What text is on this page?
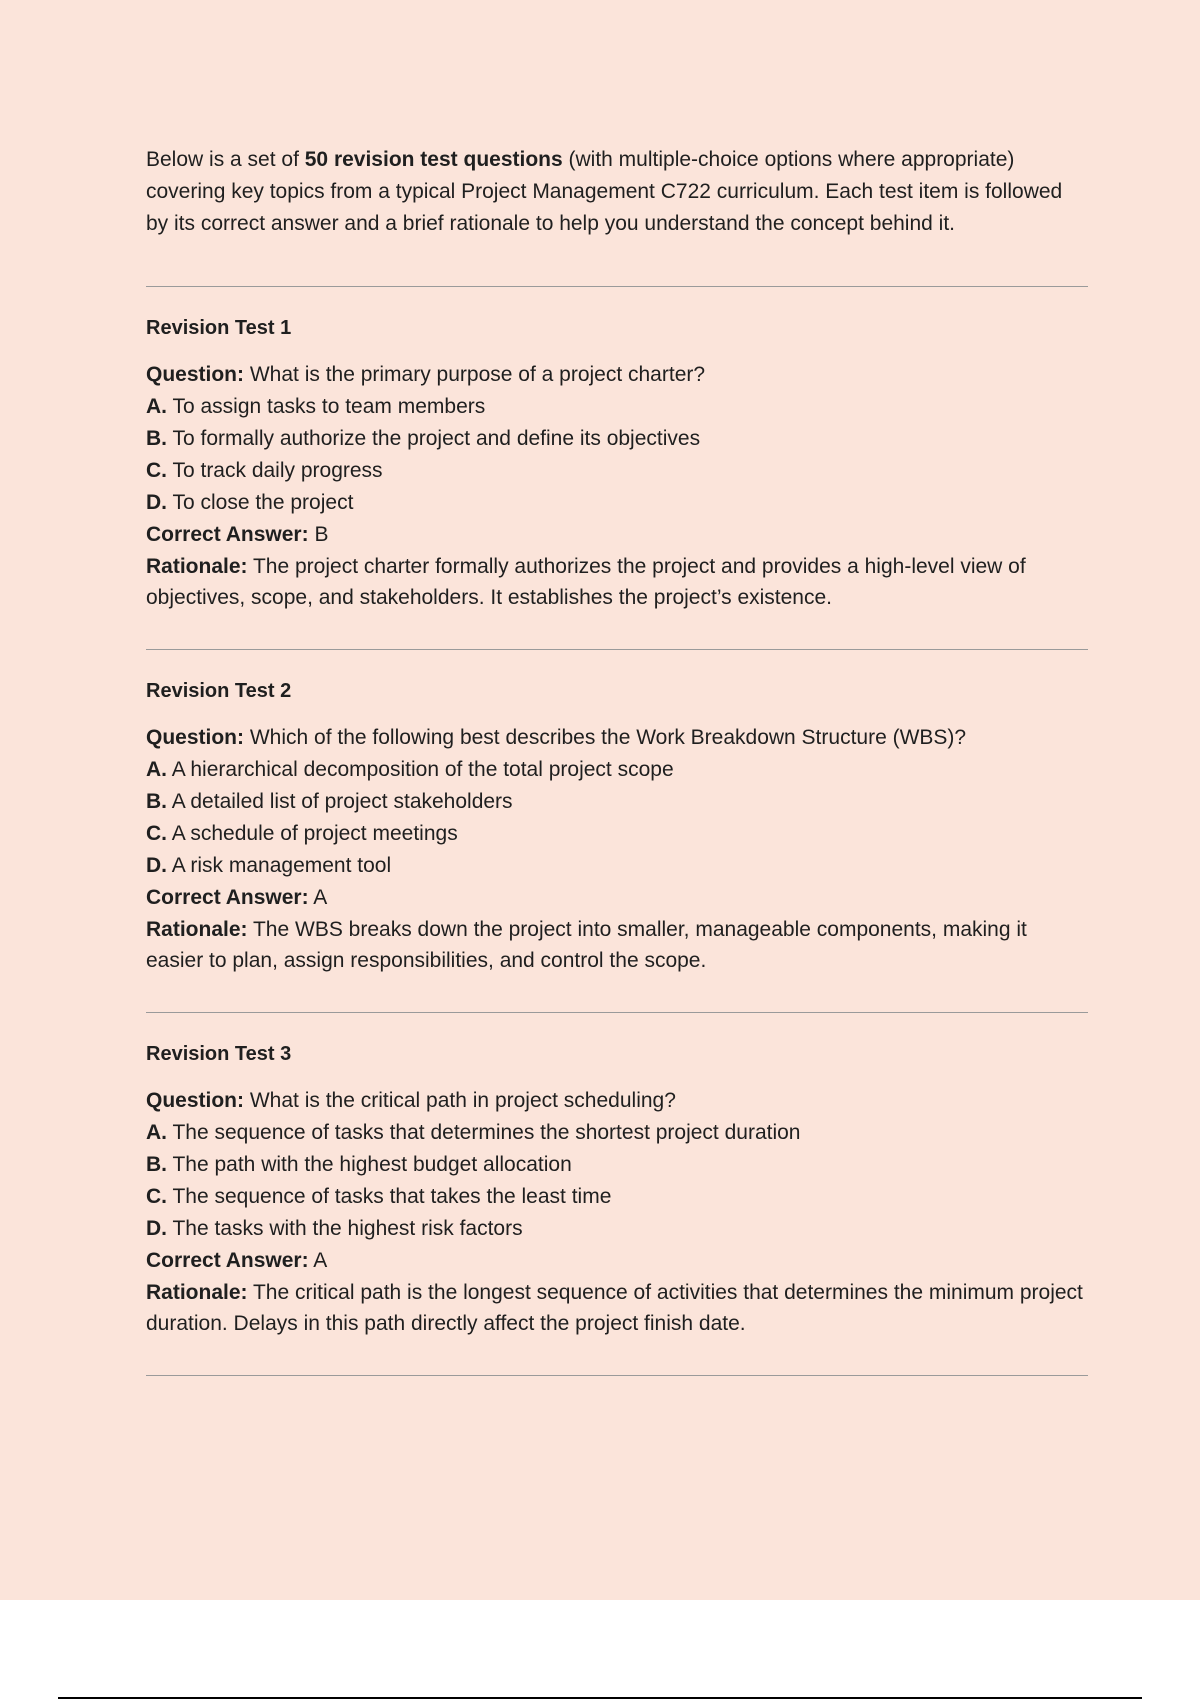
Below is a set of 50 revision test questions (with multiple-choice options where appropriate) covering key topics from a typical Project Management C722 curriculum. Each test item is followed by its correct answer and a brief rationale to help you understand the concept behind it.

Revision Test 1

Question: What is the primary purpose of a project charter?

A. To assign tasks to team members

B. To formally authorize the project and define its objectives

C. To track daily progress

D. To close the project

Correct Answer: B

Rationale: The project charter formally authorizes the project and provides a high-level view of objectives, scope, and stakeholders. It establishes the project’s existence.

Revision Test 2

Question: Which of the following best describes the Work Breakdown Structure (WBS)?

A. A hierarchical decomposition of the total project scope

B. A detailed list of project stakeholders

C. A schedule of project meetings

D. A risk management tool

Correct Answer: A

Rationale: The WBS breaks down the project into smaller, manageable components, making it easier to plan, assign responsibilities, and control the scope.

Revision Test 3

Question: What is the critical path in project scheduling?

A. The sequence of tasks that determines the shortest project duration

B. The path with the highest budget allocation

C. The sequence of tasks that takes the least time

D. The tasks with the highest risk factors

Correct Answer: A

Rationale: The critical path is the longest sequence of activities that determines the minimum project duration. Delays in this path directly affect the project finish date.
